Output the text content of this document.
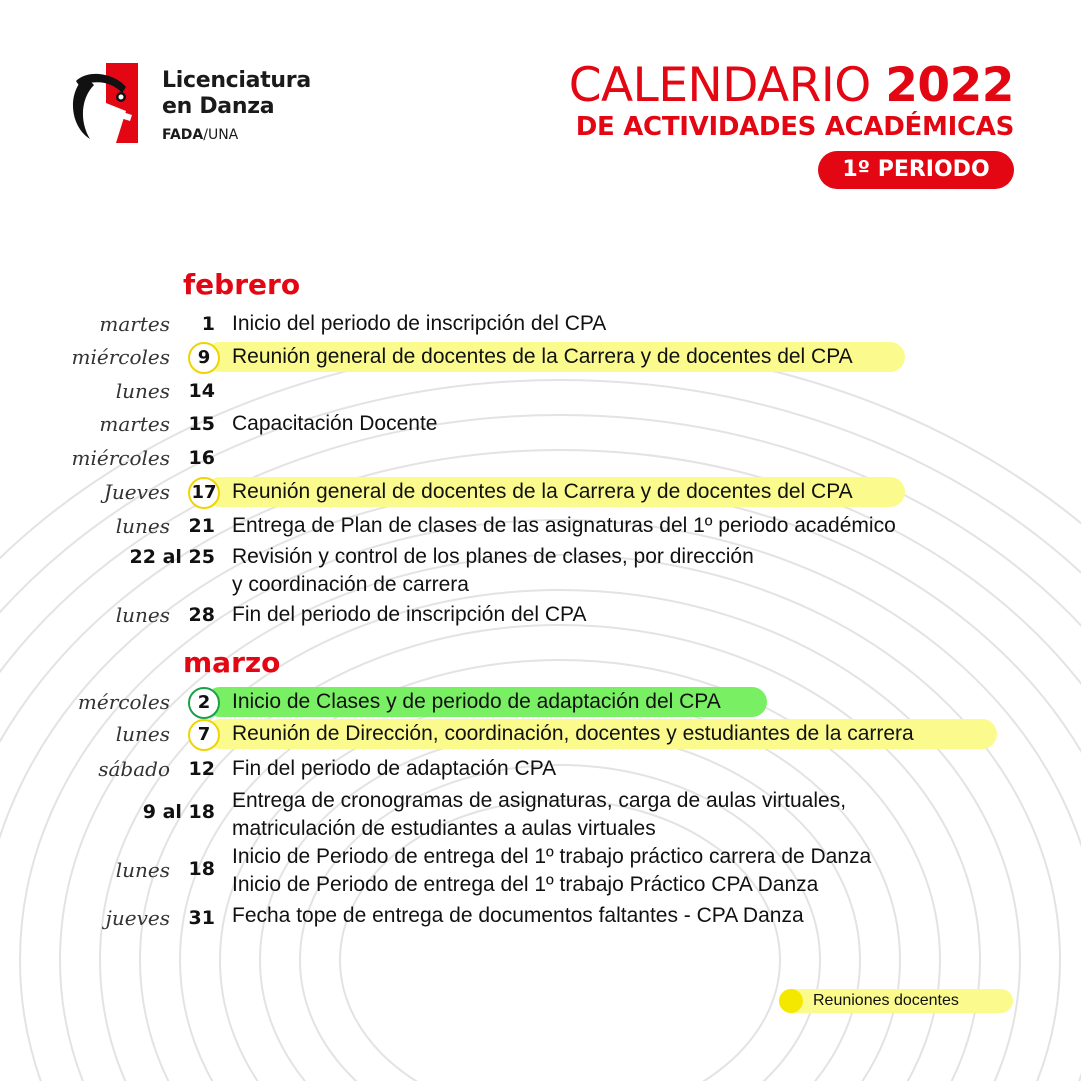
Licenciatura
en Danza
FADA/UNA
CALENDARIO 2022
DE ACTIVIDADES ACADÉMICAS
1º PERIODO
febrero
martes 1 Inicio del periodo de inscripción del CPA
miércoles	9	Reunión general de docentes de la Carrera y de docentes del CPA
lunes 14
martes 15 Capacitación Docente
miércoles 16
Jueves 17 Reunión general de docentes de la Carrera y de docentes del CPA
lunes 21 Entrega de Plan de clases de las asignaturas del 1º periodo académico
22 al 25 Revisión y control de los planes de clases, por dirección
y coordinación de carrera
lunes 28 Fin del periodo de inscripción del CPA
marzo
mércoles	2	Inicio de Clases y de periodo de adaptación del CPA
lunes	7	Reunión de Dirección, coordinación, docentes y estudiantes de la carrera
sábado 12 Fin del periodo de adaptación CPA
9 al 18 Entrega de cronogramas de asignaturas, carga de aulas virtuales,
matriculación de estudiantes a aulas virtuales
lunes 18
Inicio de Periodo de entrega del 1º trabajo práctico carrera de Danza
Inicio de Periodo de entrega del 1º trabajo Práctico CPA Danza
jueves 31 Fecha tope de entrega de documentos faltantes - CPA Danza
Reuniones docentes
